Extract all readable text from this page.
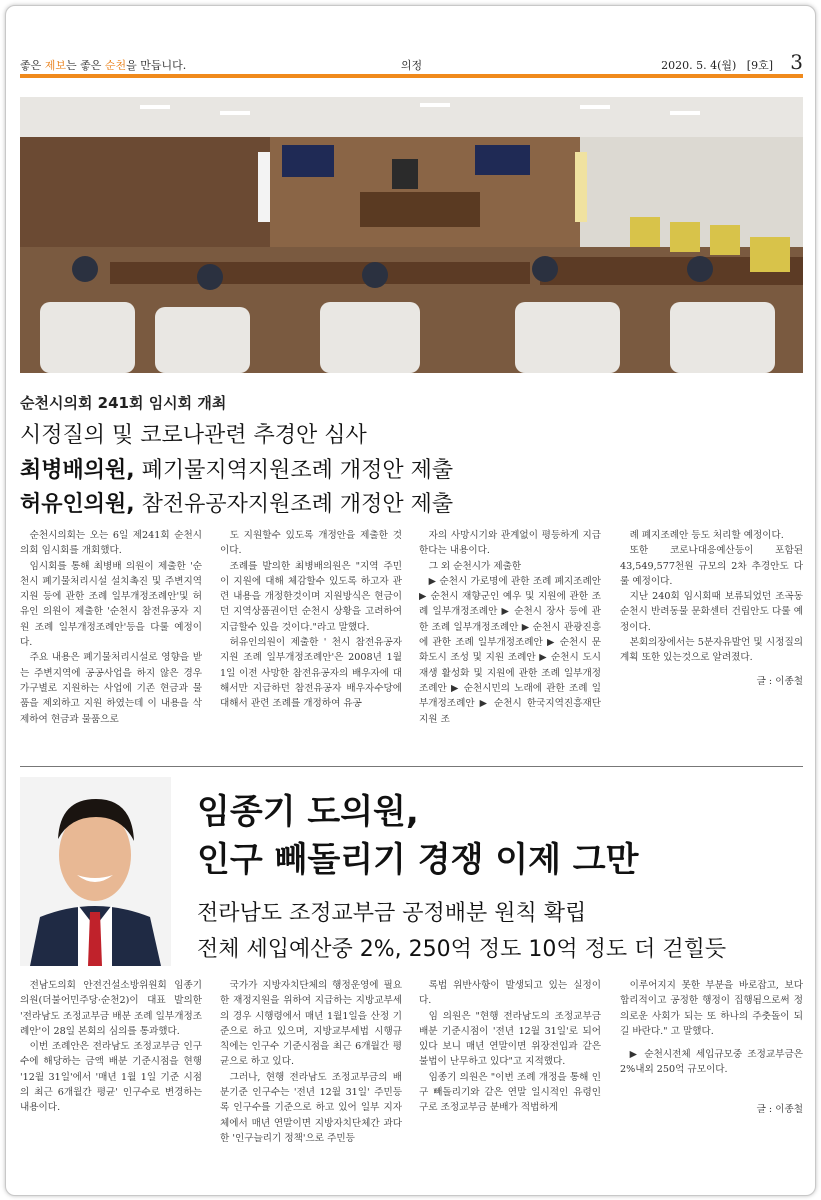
좋은 제보는 좋은 순천을 만듭니다.	의정	2020. 5. 4(월) [9호] 3
순천시의회 241회 임시회 개최
시정질의 및 코로나관련 추경안 심사
최병배의원, 폐기물지역지원조례 개정안 제출
허유인의원, 참전유공자지원조례 개정안 제출

순천시의회는 오는 6일 제241회 순천시의회 임시회를 개회했다.

임시회를 통해 최병배 의원이 제출한 '순천시 폐기물처리시설 설치촉진 및 주변지역지원 등에 관한 조례 일부개정조례안'및 허유인 의원이 제출한 '순천시 참전유공자 지원 조례 일부개정조례안'등을 다룰 예정이다.

주요 내용은 폐기물처리시설로 영향을 받는 주변지역에 공공사업을 하지 않은 경우 가구별로 지원하는 사업에 기존 현금과 물품을 제외하고 지원 하였는데 이 내용을 삭제하여 현금과 물품으로

도 지원할수 있도록 개정안을 제출한 것이다.

조례를 발의한 최병배의원은 "지역 주민이 지원에 대해 체감할수 있도록 하고자 관련 내용을 개정한것이며 지원방식은 현금이던 지역상품권이던 순천시 상황을 고려하여 지급할수 있을 것이다."라고 말했다.

허유인의원이 제출한 ' 천시 참전유공자 지원 조례 일부개정조례안'은 2008년 1월 1일 이전 사망한 참전유공자의 배우자에 대해서만 지급하던 참전유공자 배우자수당에 대해서 관련 조례를 개정하여 유공

자의 사망시기와 관계없이 평등하게 지급한다는 내용이다.

그 외 순천시가 제출한

▶ 순천시 가로명에 관한 조례 폐지조례안 ▶ 순천시 재향군인 예우 및 지원에 관한 조례 일부개정조례안 ▶ 순천시 장사 등에 관한 조례 일부개정조례안 ▶ 순천시 관광진흥에 관한 조례 일부개정조례안 ▶ 순천시 문화도시 조성 및 지원 조례안 ▶ 순천시 도시재생 활성화 및 지원에 관한 조례 일부개정조례안 ▶ 순천시민의 노래에 관한 조례 일부개정조례안 ▶ 순천시 한국지역진흥재단 지원 조

례 폐지조례안 등도 처리할 예정이다.

또한 코로나대응예산등이 포함된 43,549,577천원 규모의 2차 추경안도 다룰 예정이다.

지난 240회 임시회때 보류되었던 조곡동 순천시 반려동물 문화센터 건립안도 다룰 예정이다.

본회의장에서는 5분자유발언 및 시정질의 계획 또한 있는것으로 알려졌다.

글 : 이종철

임종기 도의원,
인구 빼돌리기 경쟁 이제 그만
전라남도 조정교부금 공정배분 원칙 확립
전체 세입예산중 2%, 250억 정도 10억 정도 더 걷힐듯

전남도의회 안전건설소방위원회 임종기 의원(더불어민주당·순천2)이 대표 발의한 '전라남도 조정교부금 배분 조례 일부개정조례안'이 28일 본회의 심의를 통과했다.

이번 조례안은 전라남도 조정교부금 인구수에 해당하는 금액 배분 기준시점을 현행 '12월 31일'에서 '매년 1월 1일 기준 시점의 최근 6개월간 평균' 인구수로 변경하는 내용이다.

국가가 지방자치단체의 행정운영에 필요한 재정지원을 위하여 지급하는 지방교부세의 경우 시행령에서 매년 1월1일을 산정 기준으로 하고 있으며, 지방교부세법 시행규칙에는 인구수 기준시점을 최근 6개월간 평균으로 하고 있다.

그러나, 현행 전라남도 조정교부금의 배분기준 인구수는 '전년 12월 31일' 주민등록 인구수를 기준으로 하고 있어 일부 지자체에서 매년 연말이면 지방자치단체간 과다한 '인구늘리기 정책'으로 주민등

록법 위반사항이 발생되고 있는 실정이다.

임 의원은 "현행 전라남도의 조정교부금 배분 기준시점이 '전년 12월 31일'로 되어있다 보니 매년 연말이면 위장전입과 같은 불법이 난무하고 있다"고 지적했다.

임종기 의원은 "이번 조례 개정을 통해 인구 빼돌리기와 같은 연말 일시적인 유령인구로 조정교부금 분배가 적법하게

이루어지지 못한 부분을 바로잡고, 보다 합리적이고 공정한 행정이 집행됨으로써 정의로운 사회가 되는 또 하나의 주춧돌이 되길 바란다." 고 말했다.

▶ 순천시전체 세입규모중 조정교부금은 2%내외 250억 규모이다.

글 : 이종철
